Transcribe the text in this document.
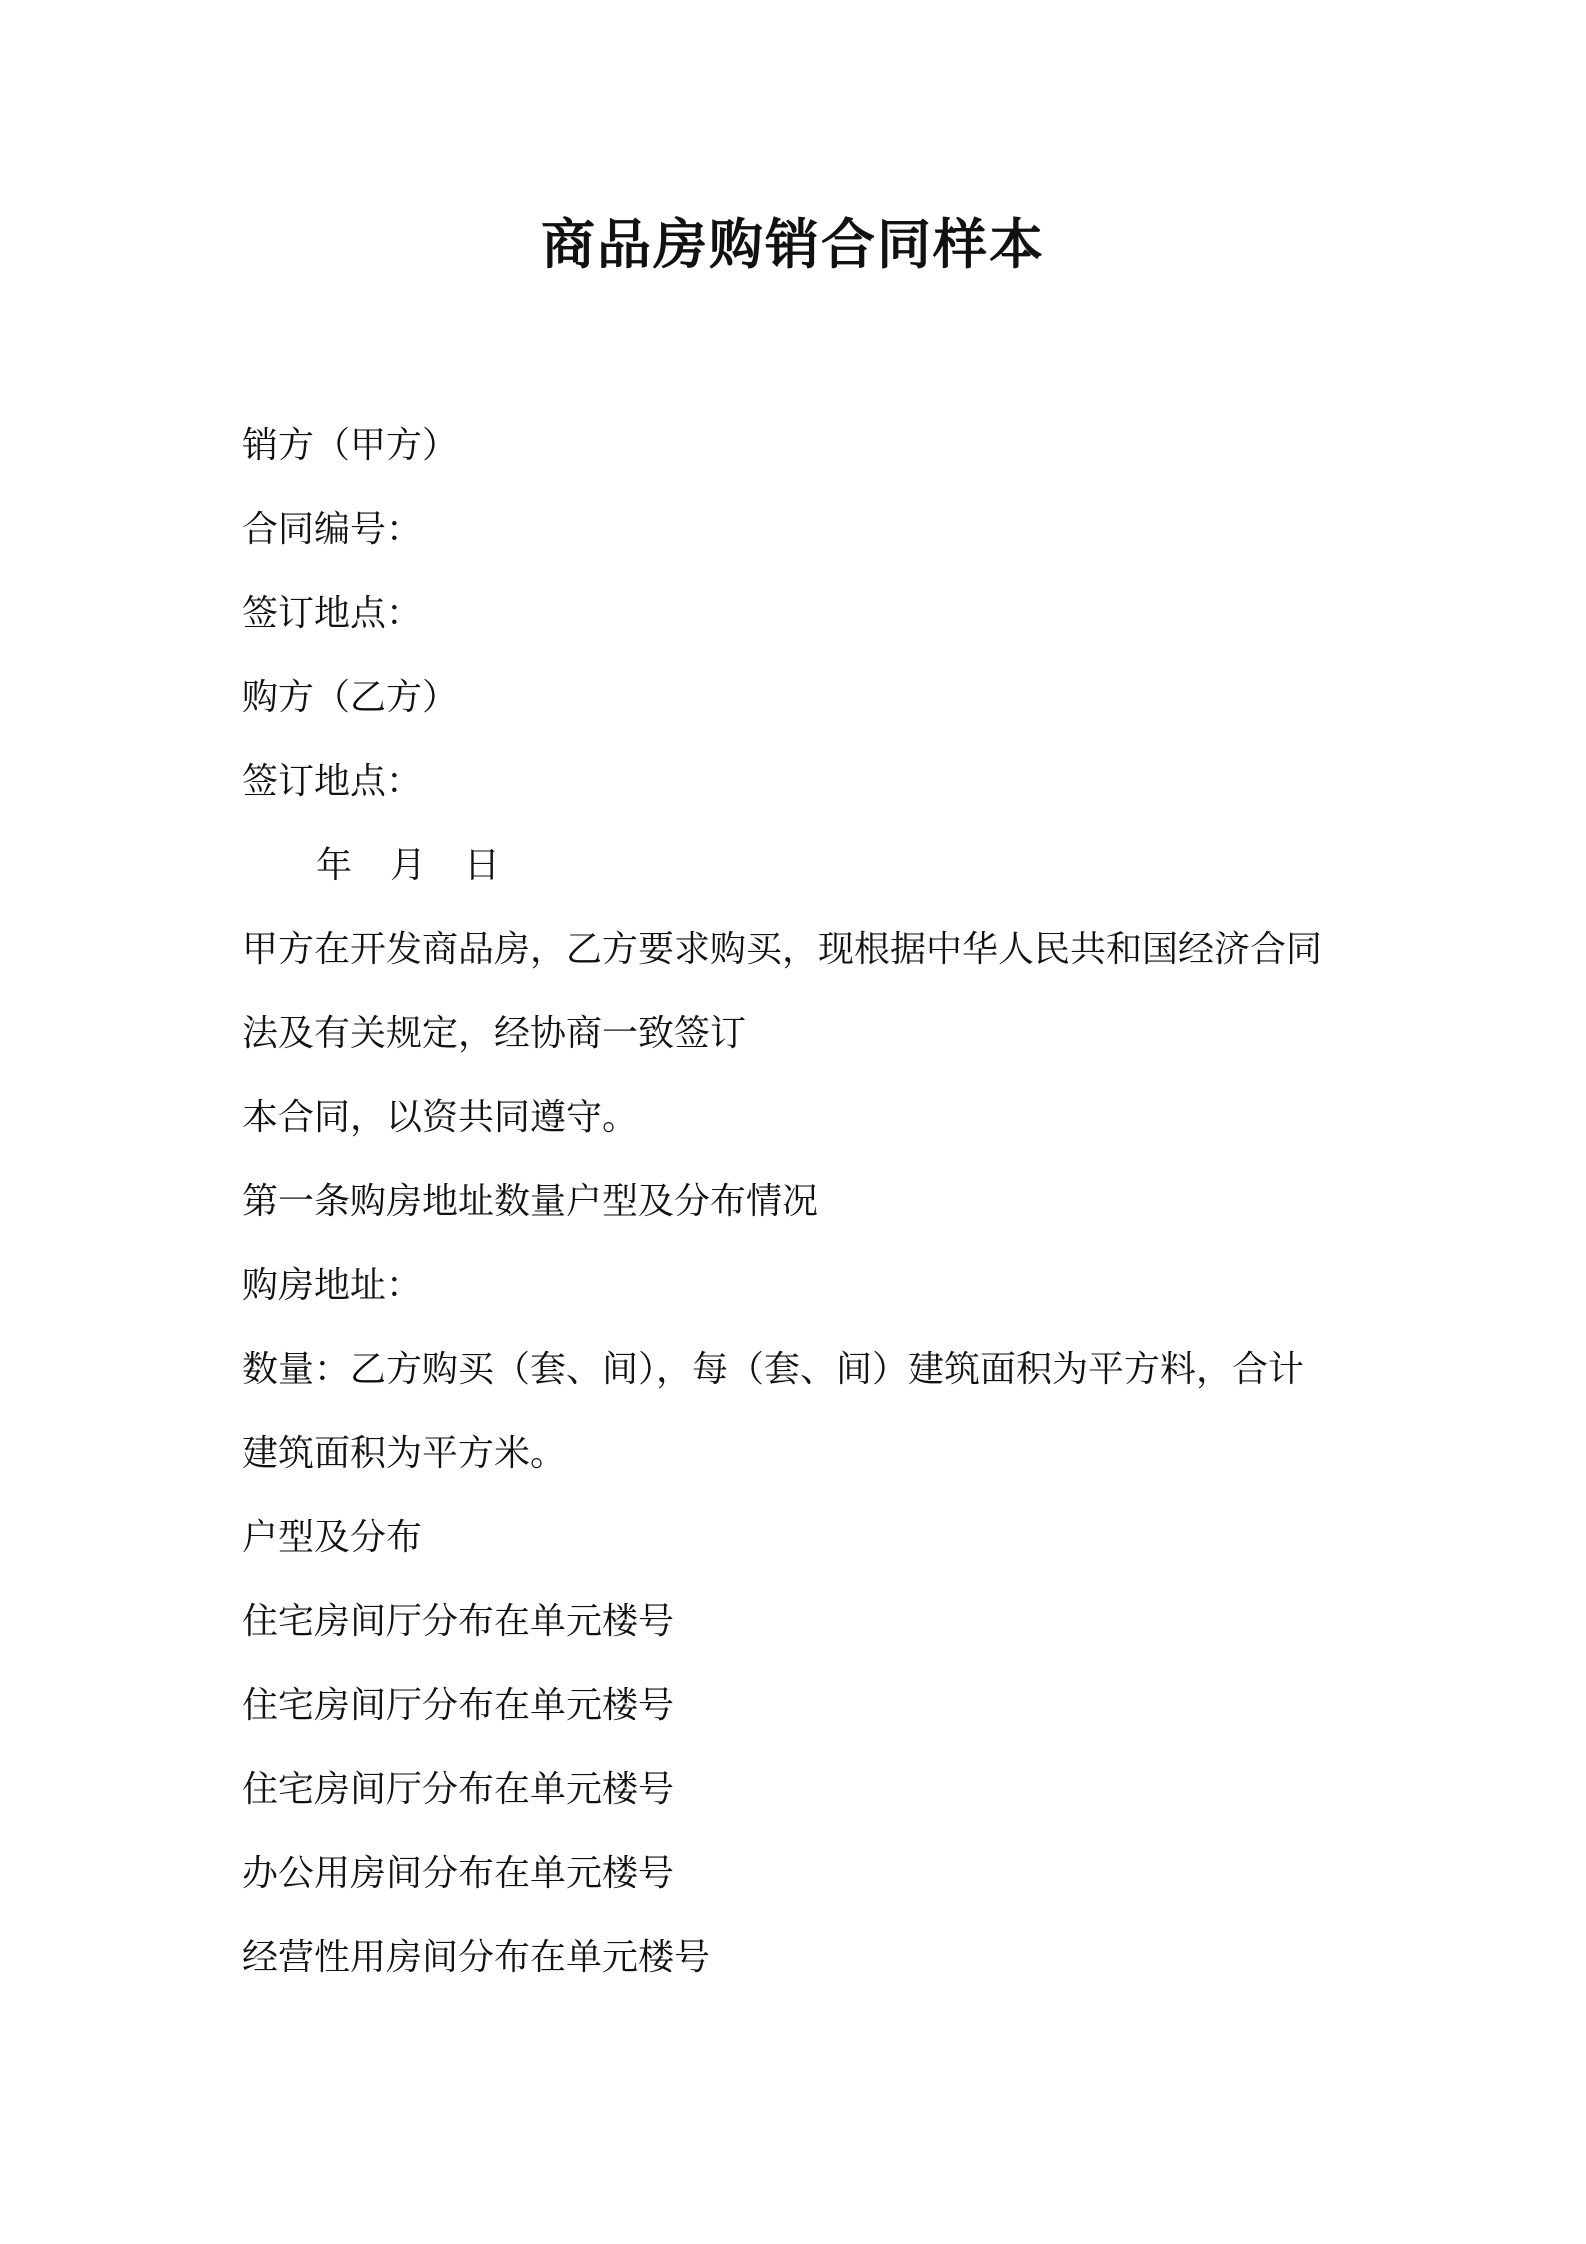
商品房购销合同样本
销方（甲方）
合同编号：
签订地点：
购方（乙方）
签订地点：
年 月 日
甲方在开发商品房，乙方要求购买，现根据中华人民共和国经济合同
法及有关规定，经协商一致签订
本合同，以资共同遵守。
第一条购房地址数量户型及分布情况
购房地址：
数量：乙方购买（套、间），每（套、间）建筑面积为平方料，合计
建筑面积为平方米。
户型及分布
住宅房间厅分布在单元楼号
住宅房间厅分布在单元楼号
住宅房间厅分布在单元楼号
办公用房间分布在单元楼号
经营性用房间分布在单元楼号
